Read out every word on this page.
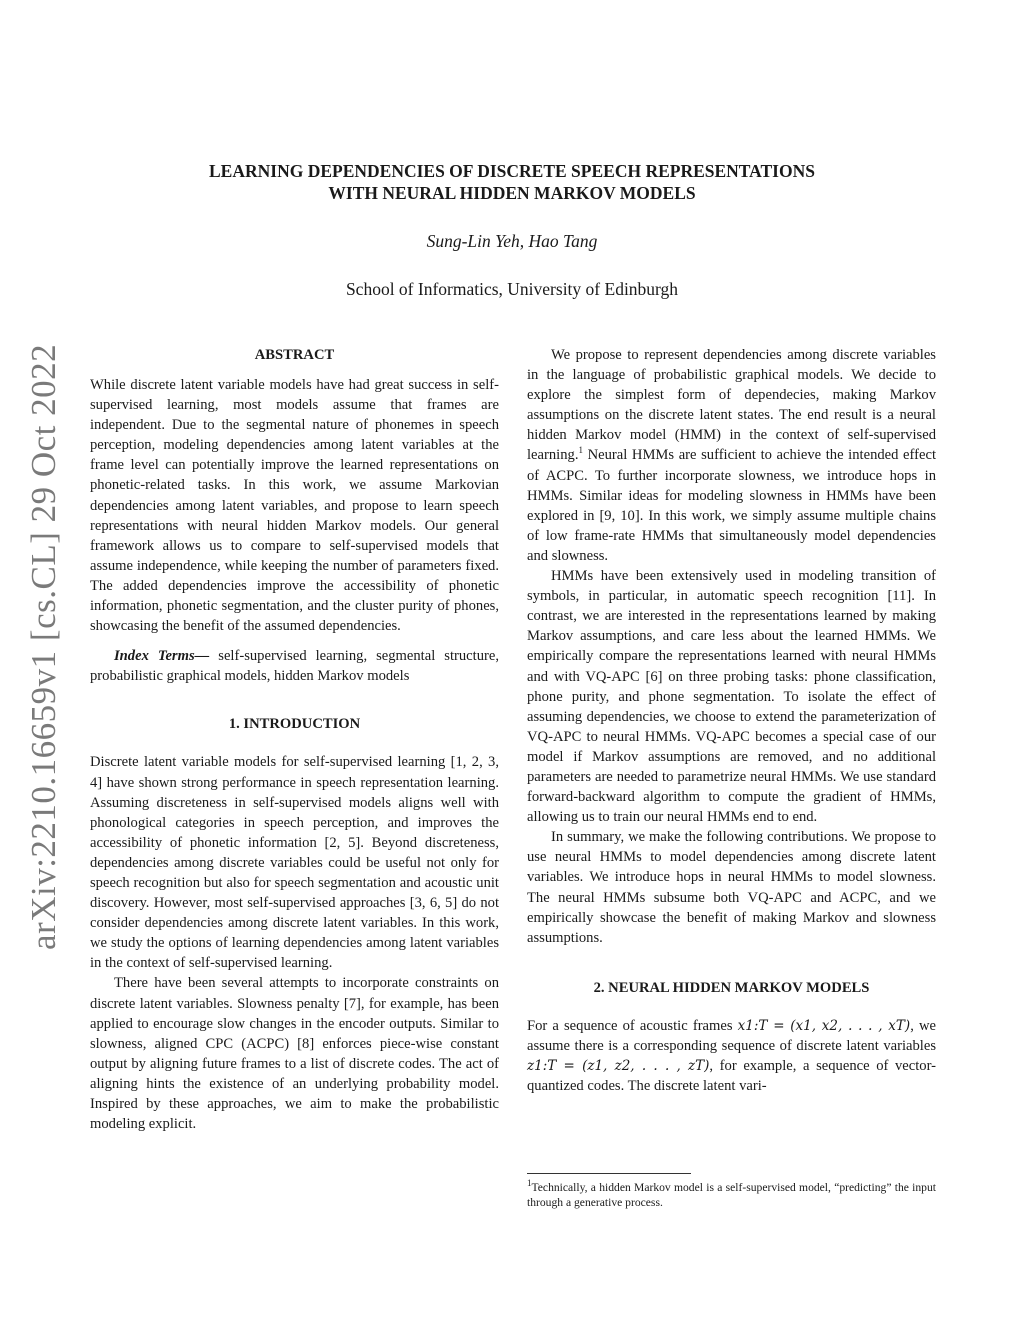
arXiv:2210.16659v1 [cs.CL] 29 Oct 2022
LEARNING DEPENDENCIES OF DISCRETE SPEECH REPRESENTATIONS
WITH NEURAL HIDDEN MARKOV MODELS
Sung-Lin Yeh, Hao Tang
School of Informatics, University of Edinburgh
ABSTRACT

While discrete latent variable models have had great success in self-supervised learning, most models assume that frames are independent. Due to the segmental nature of phonemes in speech perception, modeling dependencies among latent variables at the frame level can potentially improve the learned representations on phonetic-related tasks. In this work, we assume Markovian dependencies among latent variables, and propose to learn speech representations with neural hidden Markov models. Our general framework allows us to compare to self-supervised models that assume independence, while keeping the number of parameters fixed. The added dependencies improve the accessibility of phonetic information, phonetic segmentation, and the cluster purity of phones, showcasing the benefit of the assumed dependencies.

Index Terms— self-supervised learning, segmental structure, probabilistic graphical models, hidden Markov models

1. INTRODUCTION

Discrete latent variable models for self-supervised learning [1, 2, 3, 4] have shown strong performance in speech representation learning. Assuming discreteness in self-supervised models aligns well with phonological categories in speech perception, and improves the accessibility of phonetic information [2, 5]. Beyond discreteness, dependencies among discrete variables could be useful not only for speech recognition but also for speech segmentation and acoustic unit discovery. However, most self-supervised approaches [3, 6, 5] do not consider dependencies among discrete latent variables. In this work, we study the options of learning dependencies among latent variables in the context of self-supervised learning.

There have been several attempts to incorporate constraints on discrete latent variables. Slowness penalty [7], for example, has been applied to encourage slow changes in the encoder outputs. Similar to slowness, aligned CPC (ACPC) [8] enforces piece-wise constant output by aligning future frames to a list of discrete codes. The act of aligning hints the existence of an underlying probability model. Inspired by these approaches, we aim to make the probabilistic modeling explicit.

We propose to represent dependencies among discrete variables in the language of probabilistic graphical models. We decide to explore the simplest form of dependecies, making Markov assumptions on the discrete latent states. The end result is a neural hidden Markov model (HMM) in the context of self-supervised learning.$^1$ Neural HMMs are sufficient to achieve the intended effect of ACPC. To further incorporate slowness, we introduce hops in HMMs. Similar ideas for modeling slowness in HMMs have been explored in [9, 10]. In this work, we simply assume multiple chains of low frame-rate HMMs that simultaneously model dependencies and slowness.

HMMs have been extensively used in modeling transition of symbols, in particular, in automatic speech recognition [11]. In contrast, we are interested in the representations learned by making Markov assumptions, and care less about the learned HMMs. We empirically compare the representations learned with neural HMMs and with VQ-APC [6] on three probing tasks: phone classification, phone purity, and phone segmentation. To isolate the effect of assuming dependencies, we choose to extend the parameterization of VQ-APC to neural HMMs. VQ-APC becomes a special case of our model if Markov assumptions are removed, and no additional parameters are needed to parametrize neural HMMs. We use standard forward-backward algorithm to compute the gradient of HMMs, allowing us to train our neural HMMs end to end.

In summary, we make the following contributions. We propose to use neural HMMs to model dependencies among discrete latent variables. We introduce hops in neural HMMs to model slowness. The neural HMMs subsume both VQ-APC and ACPC, and we empirically showcase the benefit of making Markov and slowness assumptions.

2. NEURAL HIDDEN MARKOV MODELS

For a sequence of acoustic frames x1:T = (x1, x2, . . . , xT), we assume there is a corresponding sequence of discrete latent variables z1:T = (z1, z2, . . . , zT), for example, a sequence of vector-quantized codes. The discrete latent vari-

$^1$Technically, a hidden Markov model is a self-supervised model, “predicting” the input through a generative process.
